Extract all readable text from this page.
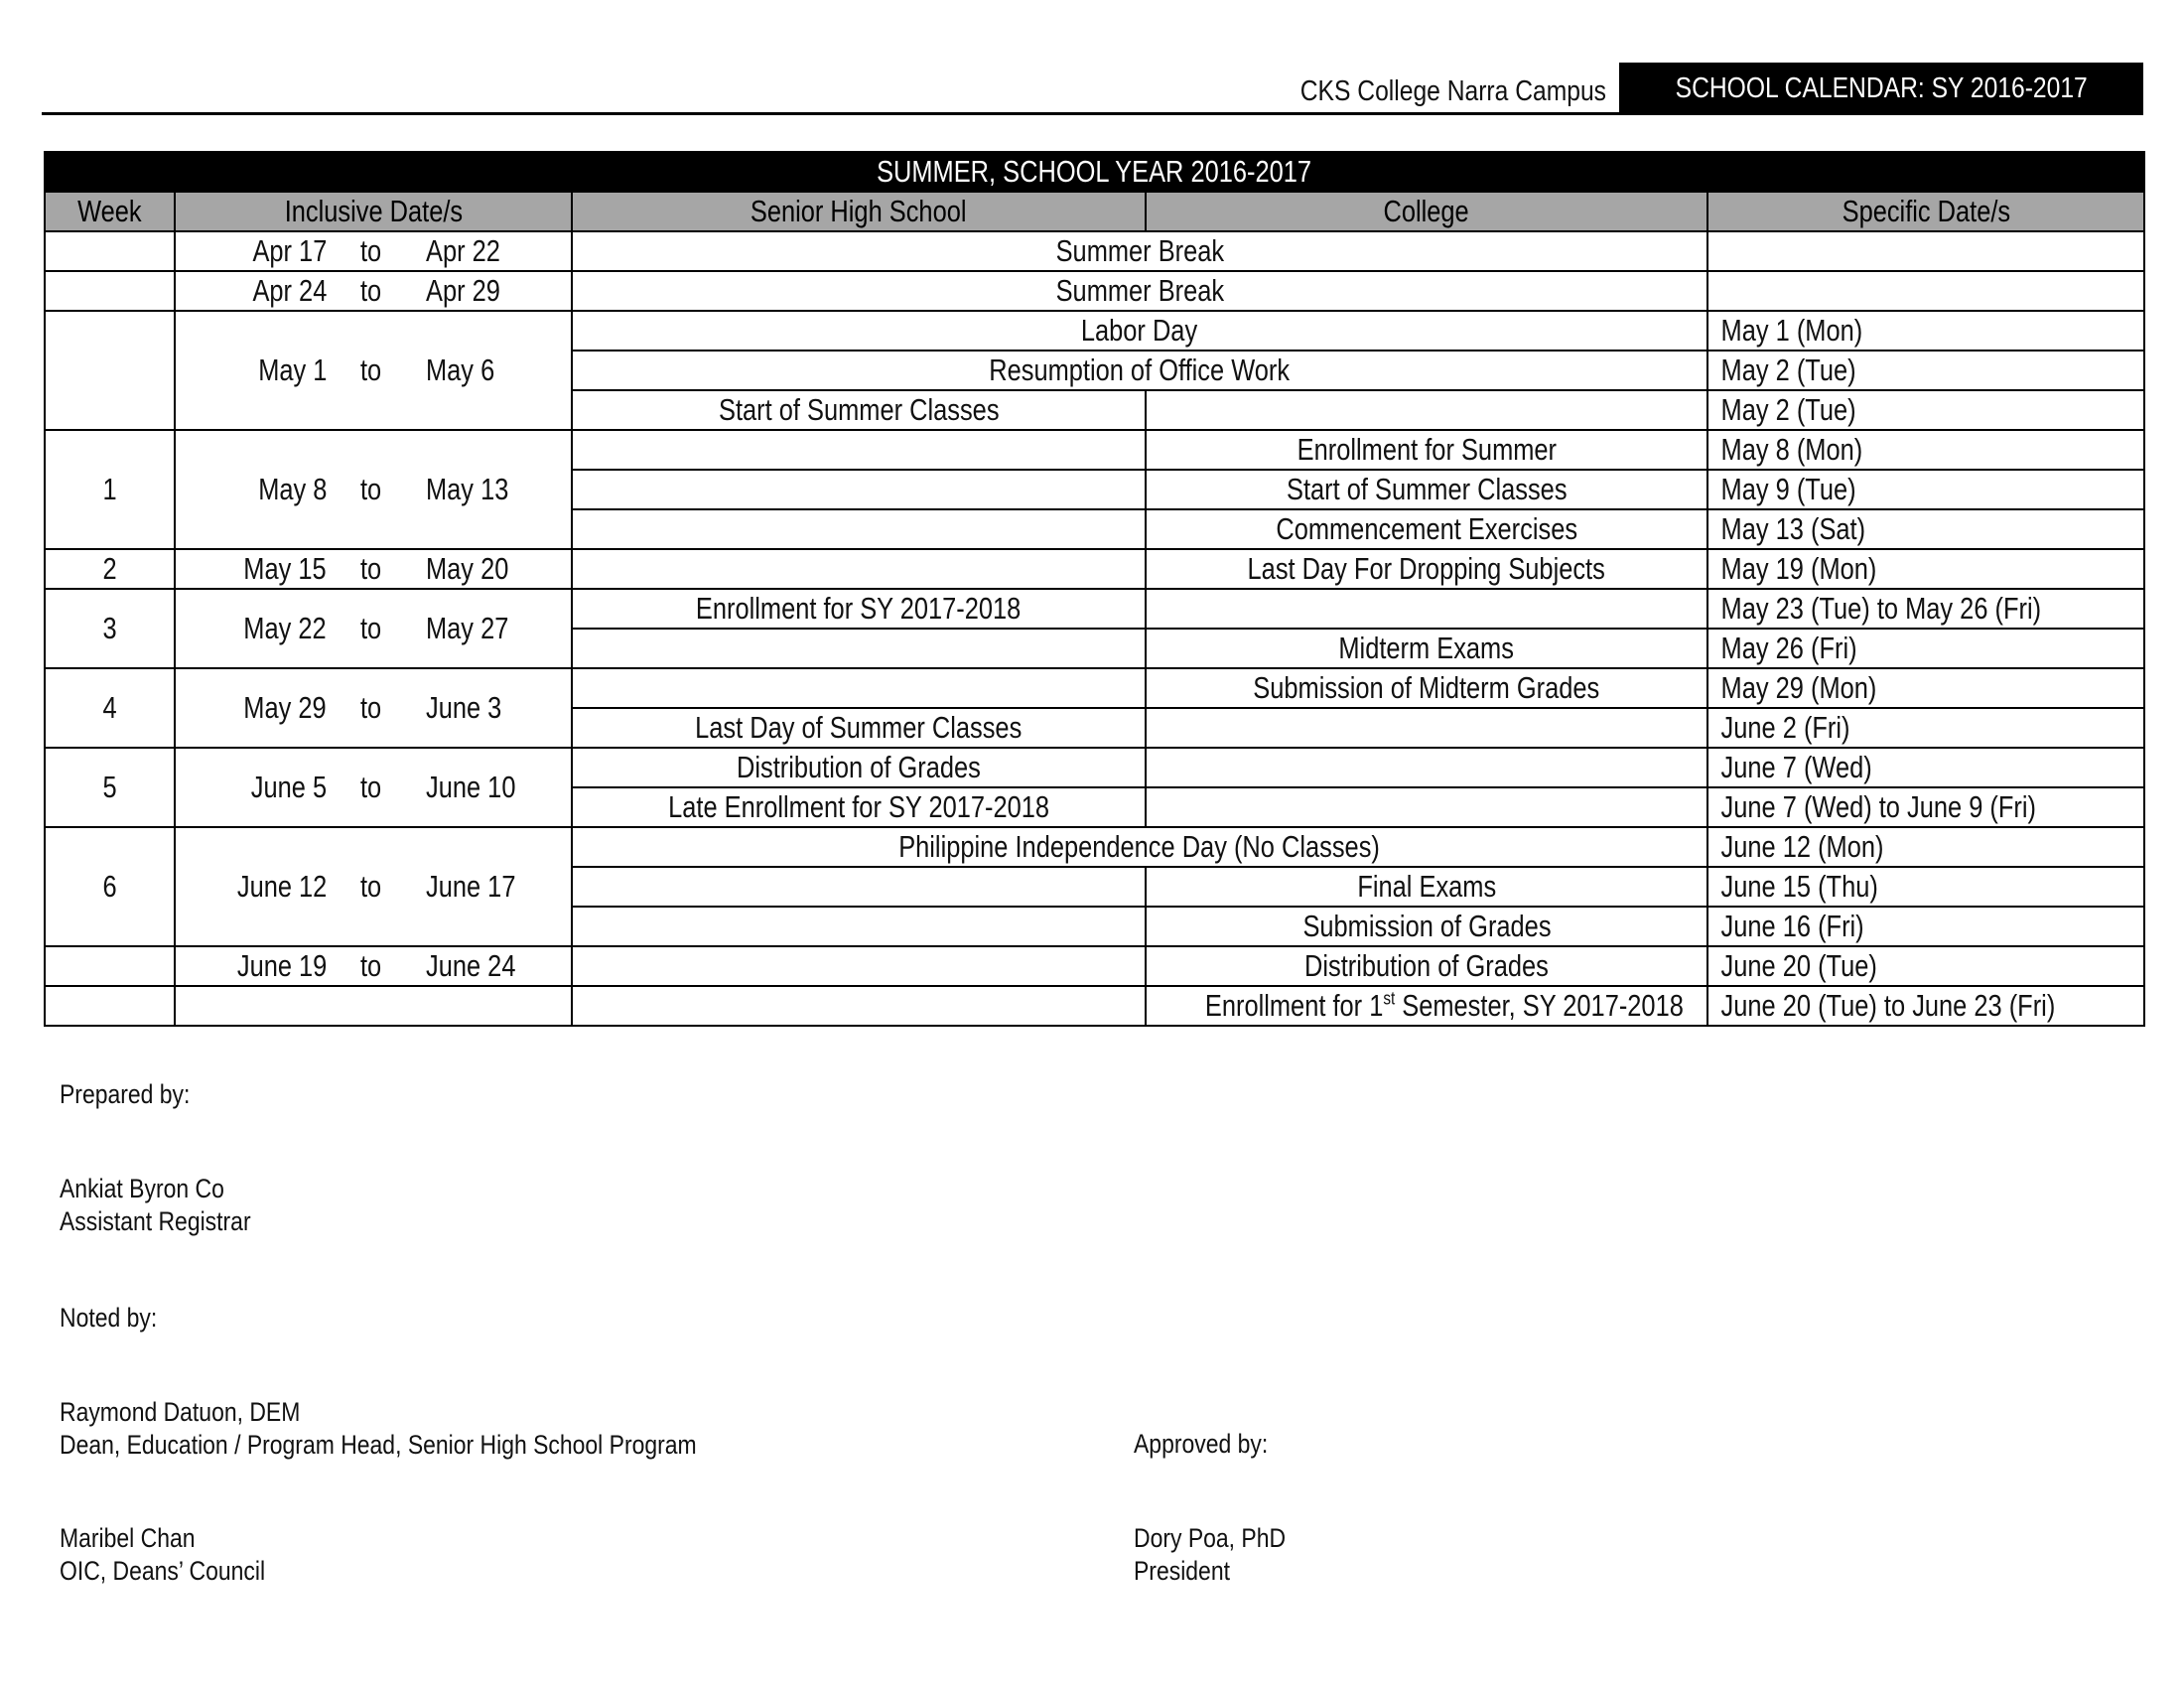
CKS College Narra Campus	SCHOOL CALENDAR: SY 2016-2017
SUMMER, SCHOOL YEAR 2016-2017				
Week	Inclusive Date/s	Senior High School	College	Specific Date/s

	Apr 17 to Apr 22	Summer Break		

	Apr 24 to Apr 29	Summer Break		

	May 1 to May 6	Labor Day		May 1 (Mon)
		Resumption of Office Work		May 2 (Tue)
		Start of Summer Classes		May 2 (Tue)
1	May 8 to May 13		Enrollment for Summer	May 8 (Mon)
			Start of Summer Classes	May 9 (Tue)
			Commencement Exercises	May 13 (Sat)
2	May 15 to May 20		Last Day For Dropping Subjects	May 19 (Mon)
3	May 22 to May 27	Enrollment for SY 2017-2018		May 23 (Tue) to May 26 (Fri)
			Midterm Exams	May 26 (Fri)
4	May 29 to June 3		Submission of Midterm Grades	May 29 (Mon)
		Last Day of Summer Classes		June 2 (Fri)
5	June 5 to June 10	Distribution of Grades		June 7 (Wed)
		Late Enrollment for SY 2017-2018		June 7 (Wed) to June 9 (Fri)
6	June 12 to June 17	Philippine Independence Day (No Classes)		June 12 (Mon)
			Final Exams	June 15 (Thu)
			Submission of Grades	June 16 (Fri)

	June 19 to June 24		Distribution of Grades	June 20 (Tue)
			Enrollment for 1st Semester, SY 2017-2018	June 20 (Tue) to June 23 (Fri)
Prepared by:
Ankiat Byron Co
Assistant Registrar
Noted by:
Raymond Datuon, DEM
Dean, Education / Program Head, Senior High School Program
Maribel Chan
OIC, Deans’ Council
Approved by:
Dory Poa, PhD
President
